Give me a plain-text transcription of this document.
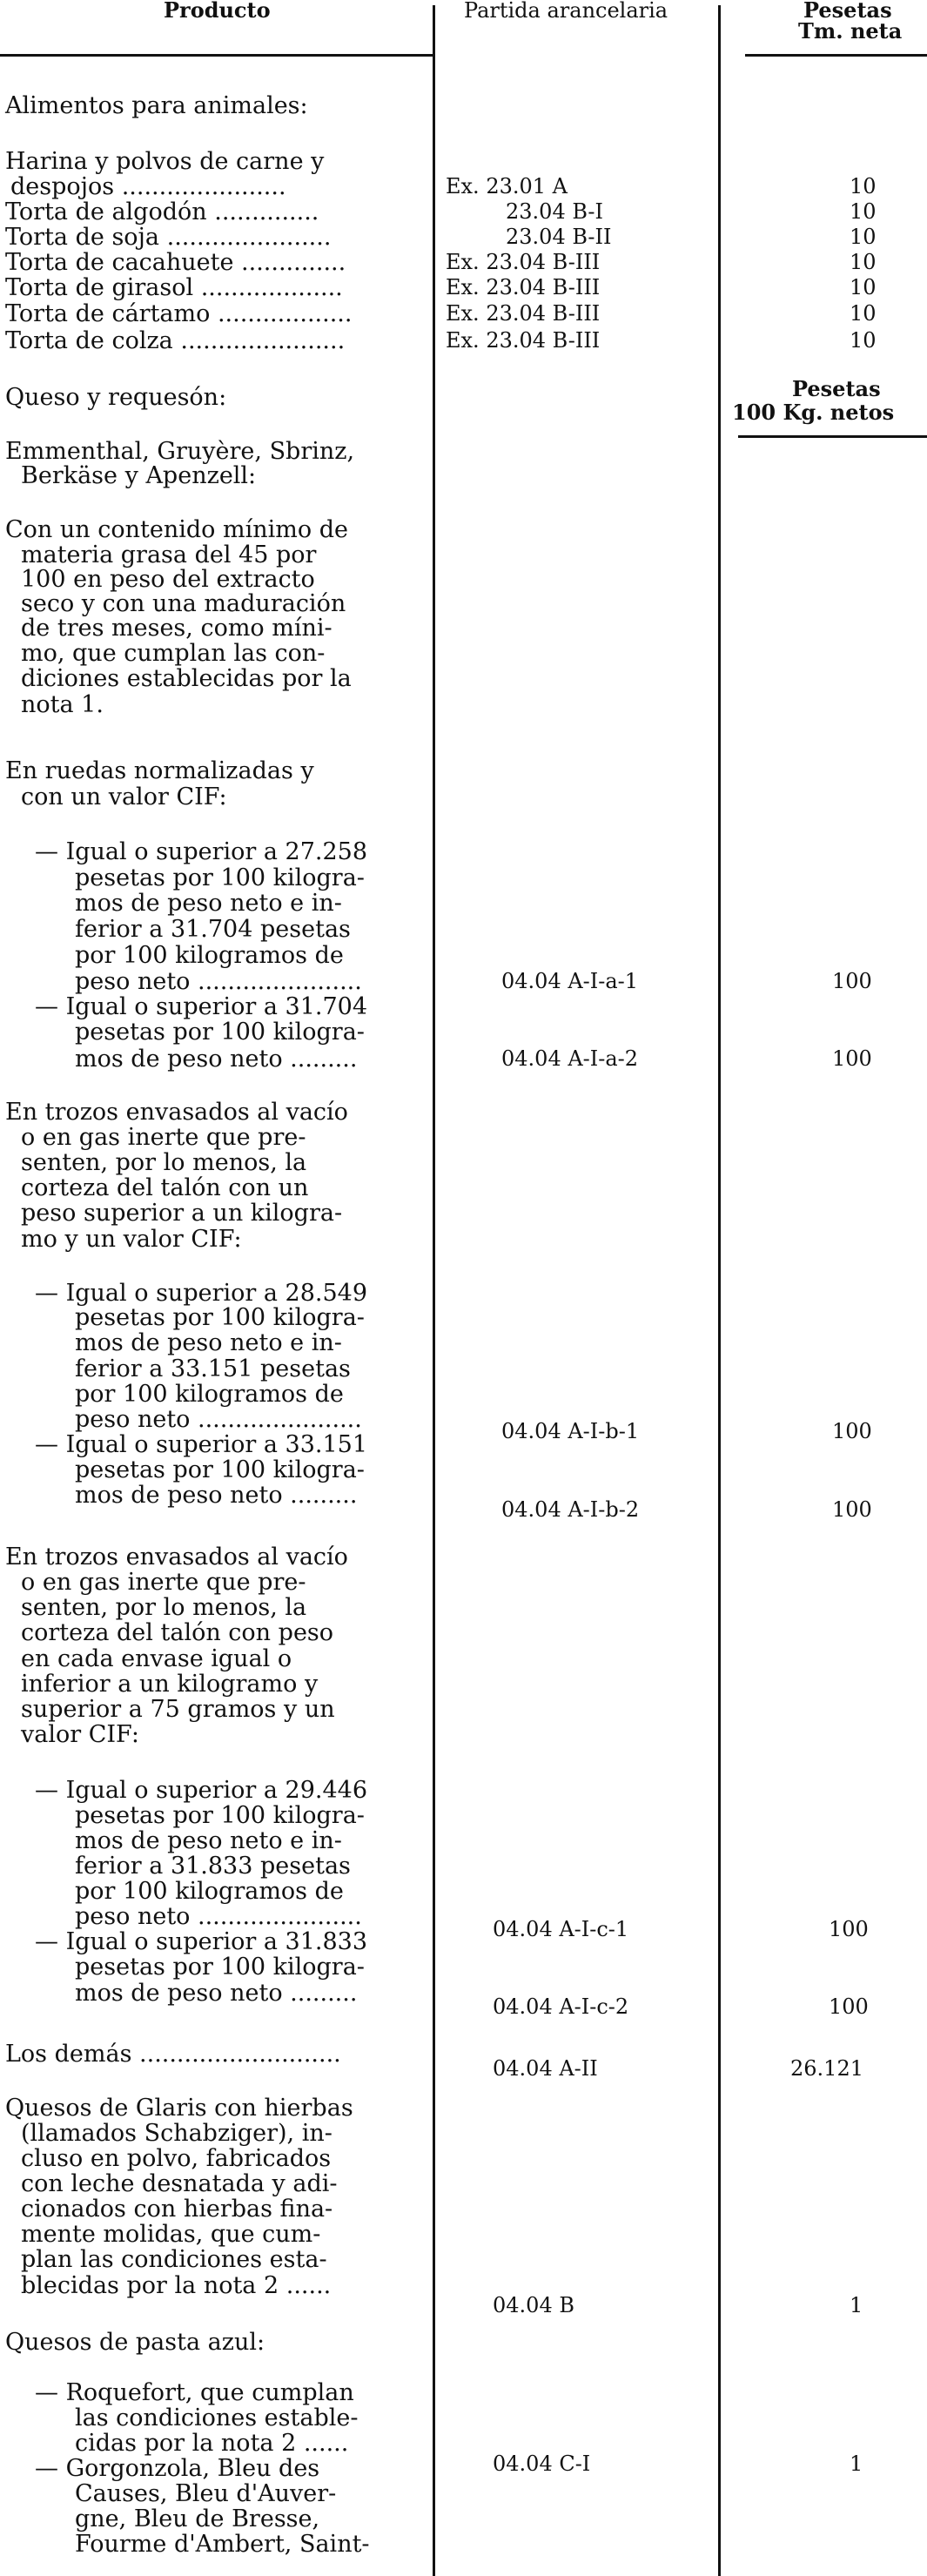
Producto	Partida arancelaria	Pesetas
Tm. neta
Pesetas
100 Kg. netos
Alimentos para animales:
Harina y polvos de carne y
despojos ......................
Torta de algodón ..............
Torta de soja ......................
Torta de cacahuete ..............
Torta de girasol ...................
Torta de cártamo ..................
Torta de colza ......................
Queso y requesón:
Emmenthal, Gruyère, Sbrinz,
Berkäse y Apenzell:
Con un contenido mínimo de
materia grasa del 45 por
100 en peso del extracto
seco y con una maduración
de tres meses, como míni-
mo, que cumplan las con-
diciones establecidas por la
nota 1.
En ruedas normalizadas y
con un valor CIF:
— Igual o superior a 27.258
pesetas por 100 kilogra-
mos de peso neto e in-
ferior a 31.704 pesetas
por 100 kilogramos de
peso neto ......................
— Igual o superior a 31.704
pesetas por 100 kilogra-
mos de peso neto .........
En trozos envasados al vacío
o en gas inerte que pre-
senten, por lo menos, la
corteza del talón con un
peso superior a un kilogra-
mo y un valor CIF:
— Igual o superior a 28.549
pesetas por 100 kilogra-
mos de peso neto e in-
ferior a 33.151 pesetas
por 100 kilogramos de
peso neto ......................
— Igual o superior a 33.151
pesetas por 100 kilogra-
mos de peso neto .........
En trozos envasados al vacío
o en gas inerte que pre-
senten, por lo menos, la
corteza del talón con peso
en cada envase igual o
inferior a un kilogramo y
superior a 75 gramos y un
valor CIF:
— Igual o superior a 29.446
pesetas por 100 kilogra-
mos de peso neto e in-
ferior a 31.833 pesetas
por 100 kilogramos de
peso neto ......................
— Igual o superior a 31.833
pesetas por 100 kilogra-
mos de peso neto .........
Los demás ...........................
Quesos de Glaris con hierbas
(llamados Schabziger), in-
cluso en polvo, fabricados
con leche desnatada y adi-
cionados con hierbas fina-
mente molidas, que cum-
plan las condiciones esta-
blecidas por la nota 2 ......
Quesos de pasta azul:
— Roquefort, que cumplan
las condiciones estable-
cidas por la nota 2 ......
— Gorgonzola, Bleu des
Causes, Bleu d'Auver-
gne, Bleu de Bresse,
Fourme d'Ambert, Saint-
Ex. 23.01 A
23.04 B-I
23.04 B-II
Ex. 23.04 B-III
Ex. 23.04 B-III
Ex. 23.04 B-III
Ex. 23.04 B-III
04.04 A-I-a-1
04.04 A-I-a-2
04.04 A-I-b-1
04.04 A-I-b-2
04.04 A-I-c-1
04.04 A-I-c-2
04.04 A-II
04.04 B
04.04 C-I
10
10
10
10
10
10
10
100
100
100
100
100
100
26.121
1
1
